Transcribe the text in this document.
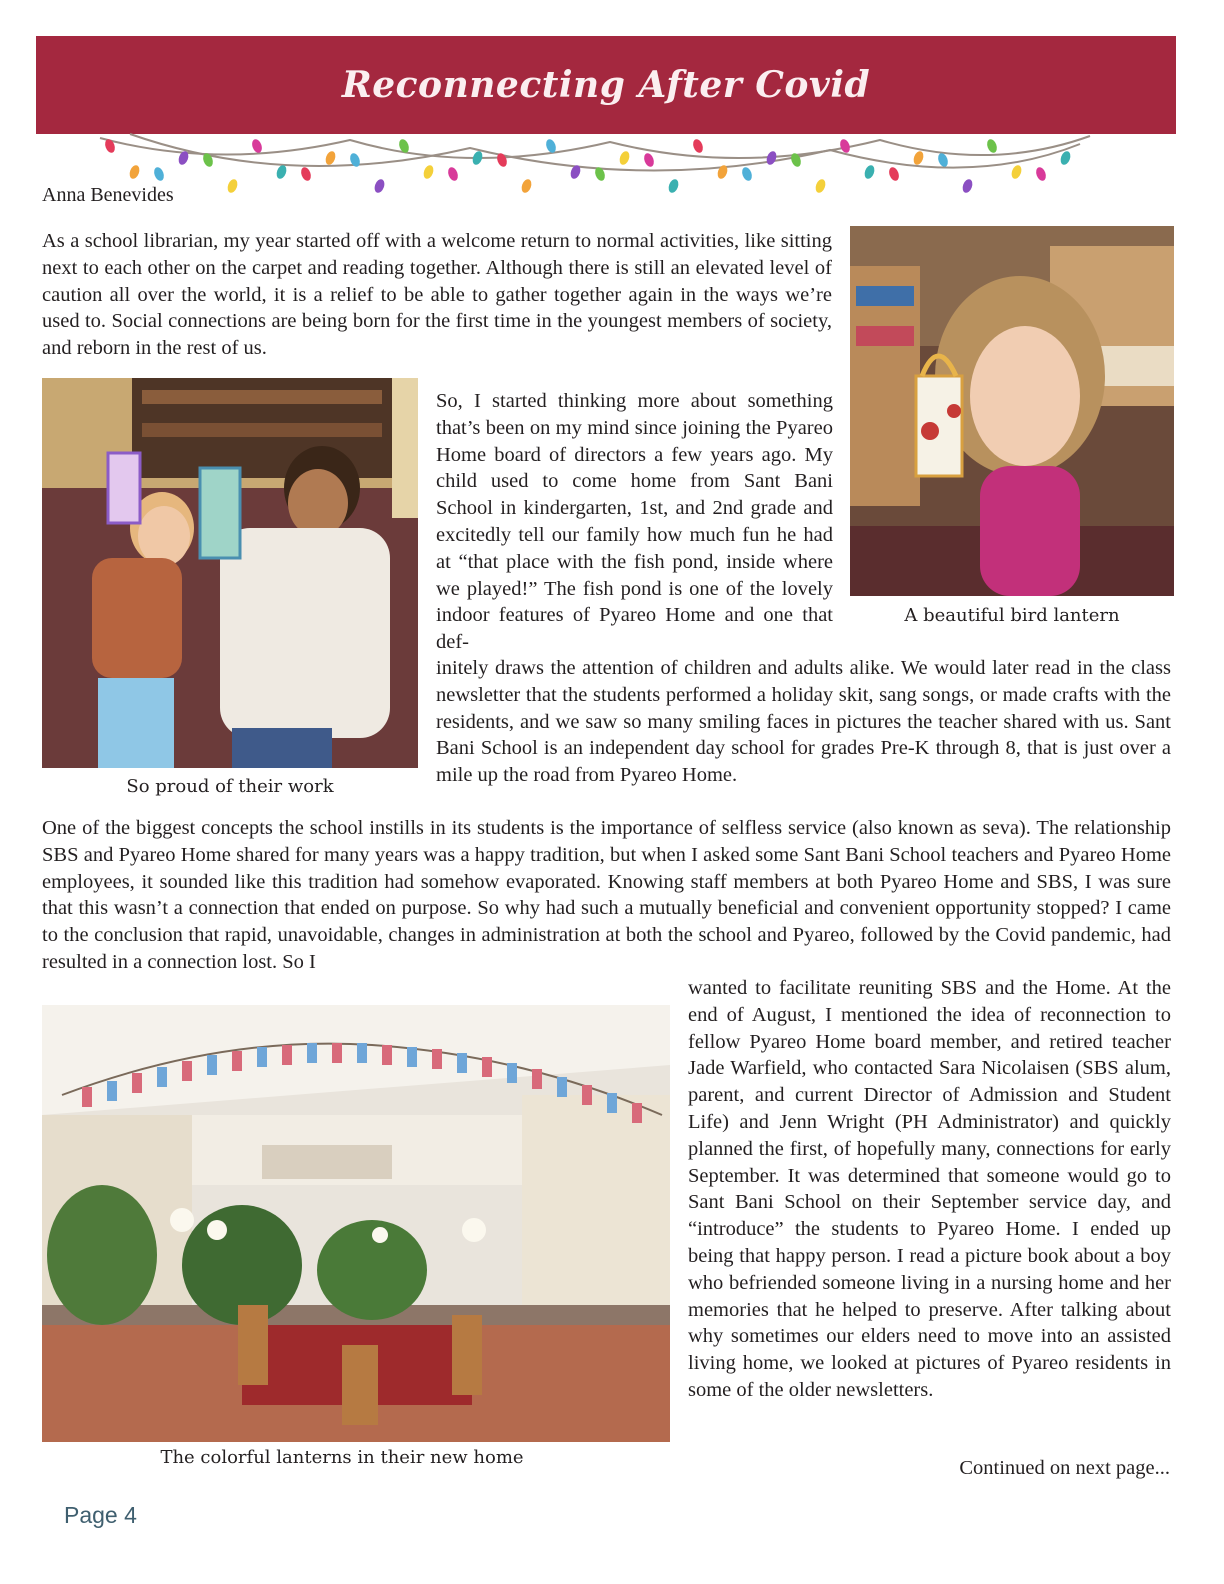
Reconnecting After Covid
Anna Benevides

As a school librarian, my year started off with a welcome return to normal activities, like sitting next to each other on the carpet and reading together. Although there is still an elevated level of caution all over the world, it is a relief to be able to gather together again in the ways we’re used to. Social connections are being born for the first time in the youngest members of society, and reborn in the rest of us.

A beautiful bird lantern
So proud of their work

So, I started thinking more about something that’s been on my mind since joining the Pyareo Home board of directors a few years ago. My child used to come home from Sant Bani School in kindergarten, 1st, and 2nd grade and excitedly tell our family how much fun he had at “that place with the fish pond, inside where we played!” The fish pond is one of the lovely indoor features of Pyareo Home and one that def-

initely draws the attention of children and adults alike. We would later read in the class newsletter that the students performed a holiday skit, sang songs, or made crafts with the residents, and we saw so many smiling faces in pictures the teacher shared with us. Sant Bani School is an independent day school for grades Pre-K through 8, that is just over a mile up the road from Pyareo Home.

One of the biggest concepts the school instills in its students is the importance of selfless service (also known as seva). The relationship SBS and Pyareo Home shared for many years was a happy tradition, but when I asked some Sant Bani School teachers and Pyareo Home employees, it sounded like this tradition had somehow evaporated. Knowing staff members at both Pyareo Home and SBS, I was sure that this wasn’t a connection that ended on purpose. So why had such a mutually beneficial and convenient opportunity stopped? I came to the conclusion that rapid, unavoidable, changes in administration at both the school and Pyareo, followed by the Covid pandemic, had resulted in a connection lost. So I

The colorful lanterns in their new home

wanted to facilitate reuniting SBS and the Home. At the end of August, I mentioned the idea of reconnection to fellow Pyareo Home board member, and retired teacher Jade Warfield, who contacted Sara Nicolaisen (SBS alum, parent, and current Director of Admission and Student Life) and Jenn Wright (PH Administrator) and quickly planned the first, of hopefully many, connections for early September. It was determined that someone would go to Sant Bani School on their September service day, and “introduce” the students to Pyareo Home. I ended up being that happy person. I read a picture book about a boy who befriended someone living in a nursing home and her memories that he helped to preserve. After talking about why sometimes our elders need to move into an assisted living home, we looked at pictures of Pyareo residents in some of the older newsletters.

Continued on next page...
Page 4
